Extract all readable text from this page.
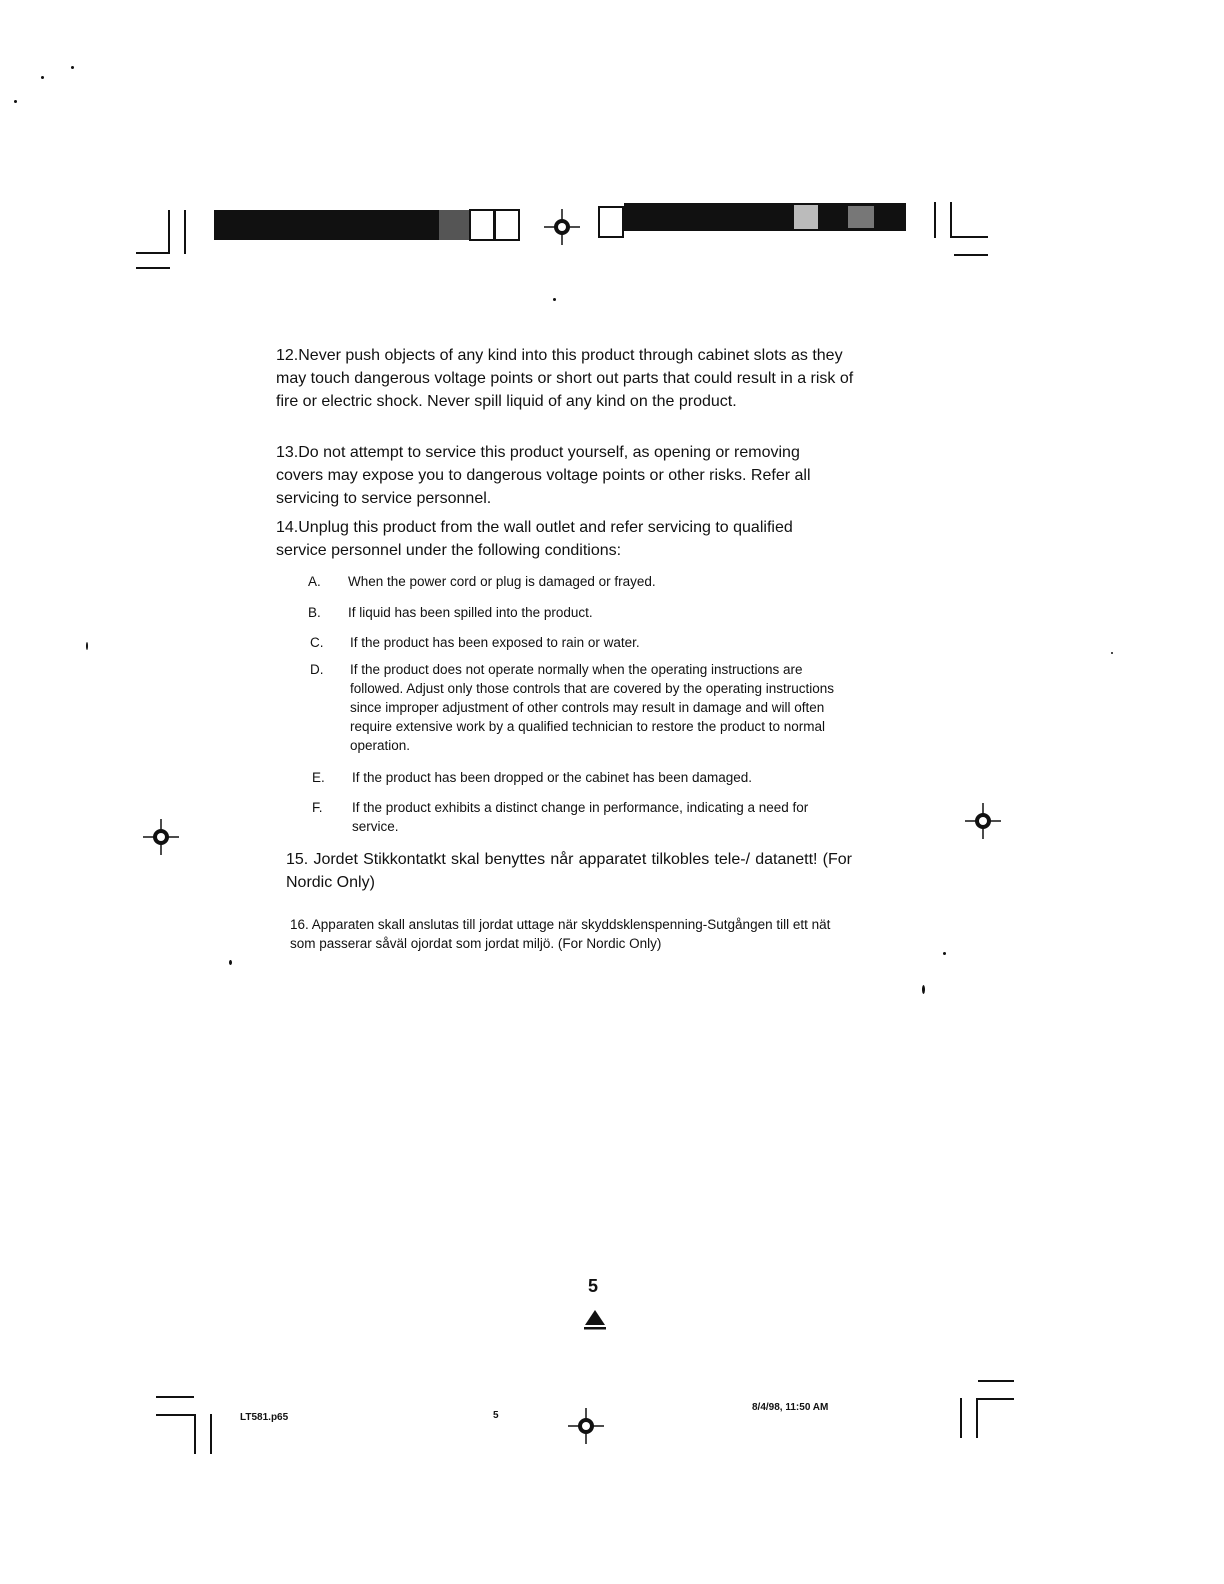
12.Never push objects of any kind into this product through cabinet slots as they may touch dangerous voltage points or short out parts that could result in a risk of fire or electric shock. Never spill liquid of any kind on the product.
13.Do not attempt to service this product yourself, as opening or removing covers may expose you to dangerous voltage points or other risks. Refer all servicing to service personnel.
14.Unplug this product from the wall outlet and refer servicing to qualified service personnel under the following conditions:
A.	When the power cord or plug is damaged or frayed.
B.	If liquid has been spilled into the product.
C.	If the product has been exposed to rain or water.
D.	If the product does not operate normally when the operating instructions are followed. Adjust only those controls that are covered by the operating instructions since improper adjustment of other controls may result in damage and will often require extensive work by a qualified technician to restore the product to normal operation.
E.	If the product has been dropped or the cabinet has been damaged.
F.	If the product exhibits a distinct change in performance, indicating a need for service.
15. Jordet Stikkontatkt skal benyttes når apparatet tilkobles tele-/ datanett! (For Nordic Only)
16. Apparaten skall anslutas till jordat uttage när skyddsklenspenning-Sutgången till ett nät som passerar såväl ojordat som jordat miljö. (For Nordic Only)
5
LT581.p65	5
8/4/98, 11:50 AM
